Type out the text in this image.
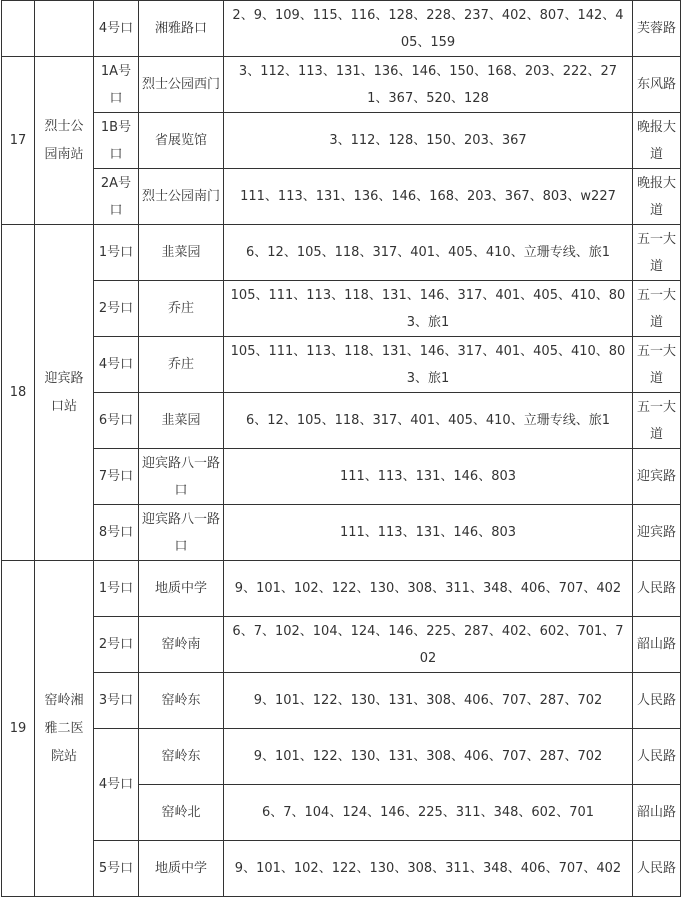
		4号口	湘雅路口	2、9、109、115、116、128、228、237、402、807、142、405、159	芙蓉路
17	烈士公园南站	1A号口	烈士公园西门	3、112、113、131、136、146、150、168、203、222、271、367、520、128	东风路
		1B号口	省展览馆	3、112、128、150、203、367	晚报大道
		2A号口	烈士公园南门	111、113、131、136、146、168、203、367、803、w227	晚报大道
18	迎宾路口站	1号口	韭菜园	6、12、105、118、317、401、405、410、立珊专线、旅1	五一大道
		2号口	乔庄	105、111、113、118、131、146、317、401、405、410、803、旅1	五一大道
		4号口	乔庄	105、111、113、118、131、146、317、401、405、410、803、旅1	五一大道
		6号口	韭菜园	6、12、105、118、317、401、405、410、立珊专线、旅1	五一大道
		7号口	迎宾路八一路口	111、113、131、146、803	迎宾路
		8号口	迎宾路八一路口	111、113、131、146、803	迎宾路
19	窑岭湘雅二医院站	1号口	地质中学	9、101、102、122、130、308、311、348、406、707、402	人民路
		2号口	窑岭南	6、7、102、104、124、146、225、287、402、602、701、702	韶山路
		3号口	窑岭东	9、101、122、130、131、308、406、707、287、702	人民路
		4号口	窑岭东	9、101、122、130、131、308、406、707、287、702	人民路
			窑岭北	6、7、104、124、146、225、311、348、602、701	韶山路
		5号口	地质中学	9、101、102、122、130、308、311、348、406、707、402	人民路
